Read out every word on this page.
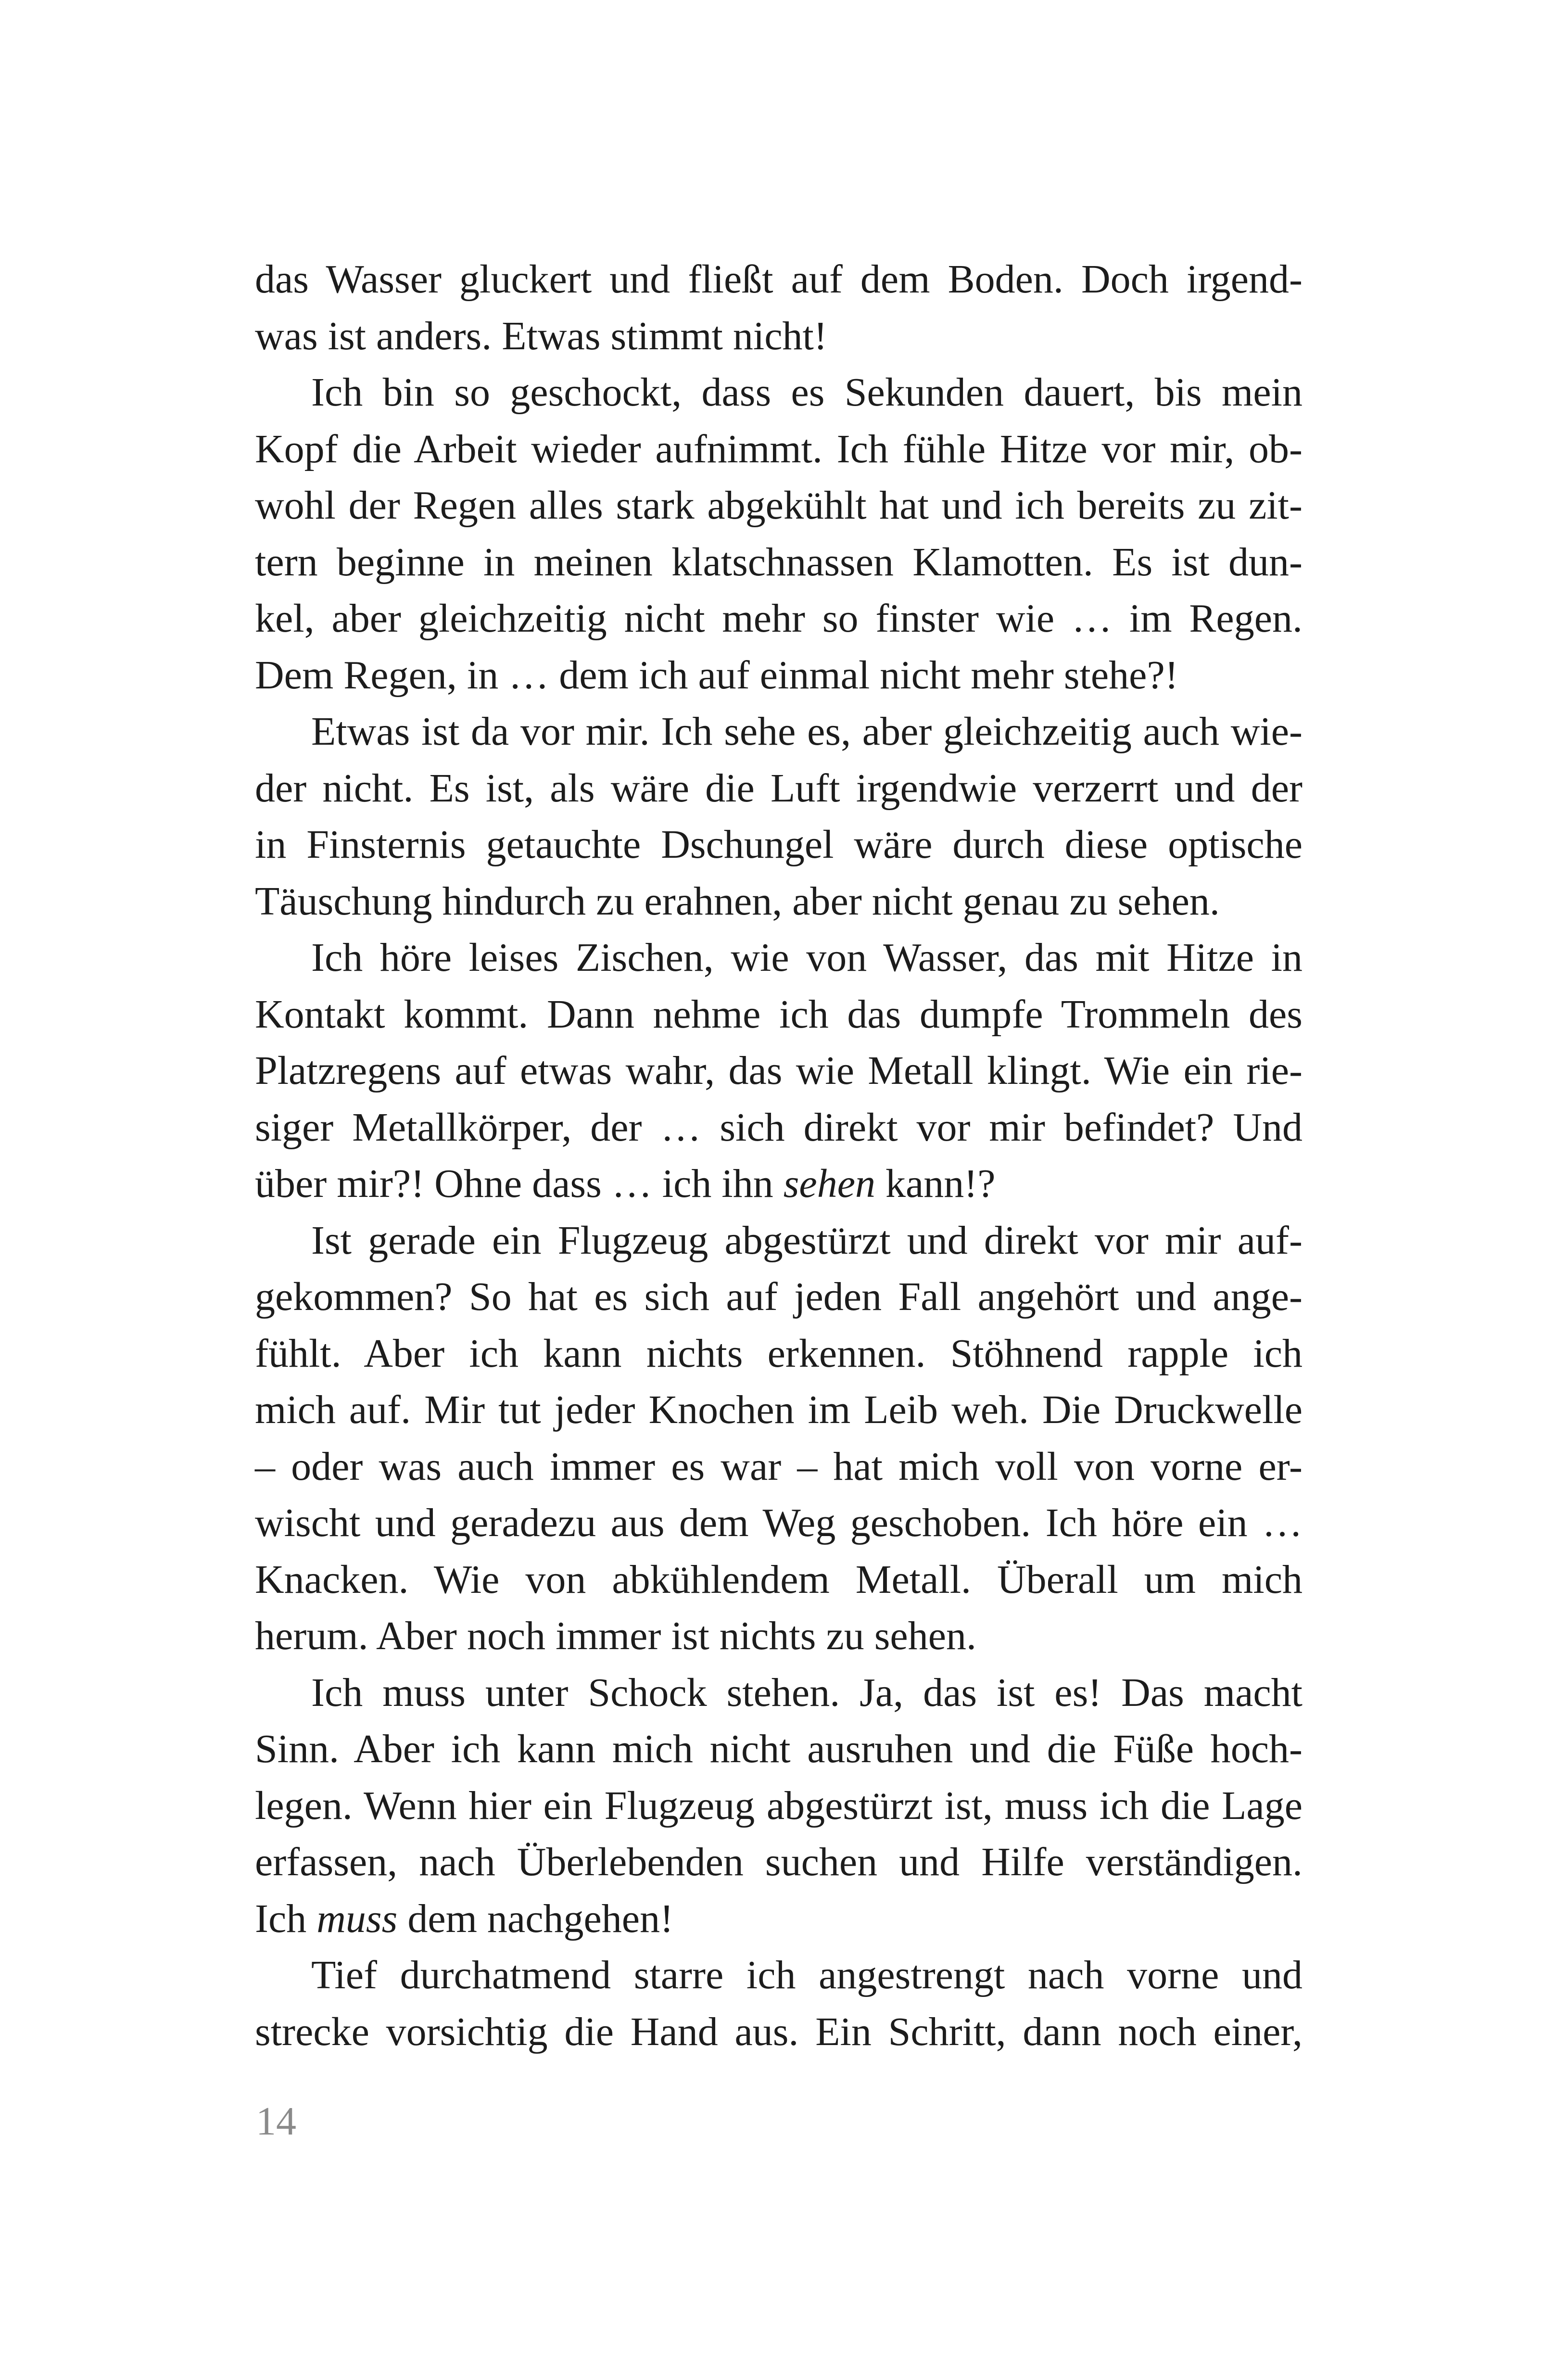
das Wasser gluckert und fließt auf dem Boden. Doch irgend-
was ist anders. Etwas stimmt nicht!
Ich bin so geschockt, dass es Sekunden dauert, bis mein
Kopf die Arbeit wieder aufnimmt. Ich fühle Hitze vor mir, ob-
wohl der Regen alles stark abgekühlt hat und ich bereits zu zit-
tern beginne in meinen klatschnassen Klamotten. Es ist dun-
kel, aber gleichzeitig nicht mehr so finster wie … im Regen.
Dem Regen, in … dem ich auf einmal nicht mehr stehe?!
Etwas ist da vor mir. Ich sehe es, aber gleichzeitig auch wie-
der nicht. Es ist, als wäre die Luft irgendwie verzerrt und der
in Finsternis getauchte Dschungel wäre durch diese optische
Täuschung hindurch zu erahnen, aber nicht genau zu sehen.
Ich höre leises Zischen, wie von Wasser, das mit Hitze in
Kontakt kommt. Dann nehme ich das dumpfe Trommeln des
Platzregens auf etwas wahr, das wie Metall klingt. Wie ein rie-
siger Metallkörper, der … sich direkt vor mir befindet? Und
über mir?! Ohne dass … ich ihn sehen kann!?
Ist gerade ein Flugzeug abgestürzt und direkt vor mir auf-
gekommen? So hat es sich auf jeden Fall angehört und ange-
fühlt. Aber ich kann nichts erkennen. Stöhnend rapple ich
mich auf. Mir tut jeder Knochen im Leib weh. Die Druckwelle
– oder was auch immer es war – hat mich voll von vorne er-
wischt und geradezu aus dem Weg geschoben. Ich höre ein …
Knacken. Wie von abkühlendem Metall. Überall um mich
herum. Aber noch immer ist nichts zu sehen.
Ich muss unter Schock stehen. Ja, das ist es! Das macht
Sinn. Aber ich kann mich nicht ausruhen und die Füße hoch-
legen. Wenn hier ein Flugzeug abgestürzt ist, muss ich die Lage
erfassen, nach Überlebenden suchen und Hilfe verständigen.
Ich muss dem nachgehen!
Tief durchatmend starre ich angestrengt nach vorne und
strecke vorsichtig die Hand aus. Ein Schritt, dann noch einer,
14
